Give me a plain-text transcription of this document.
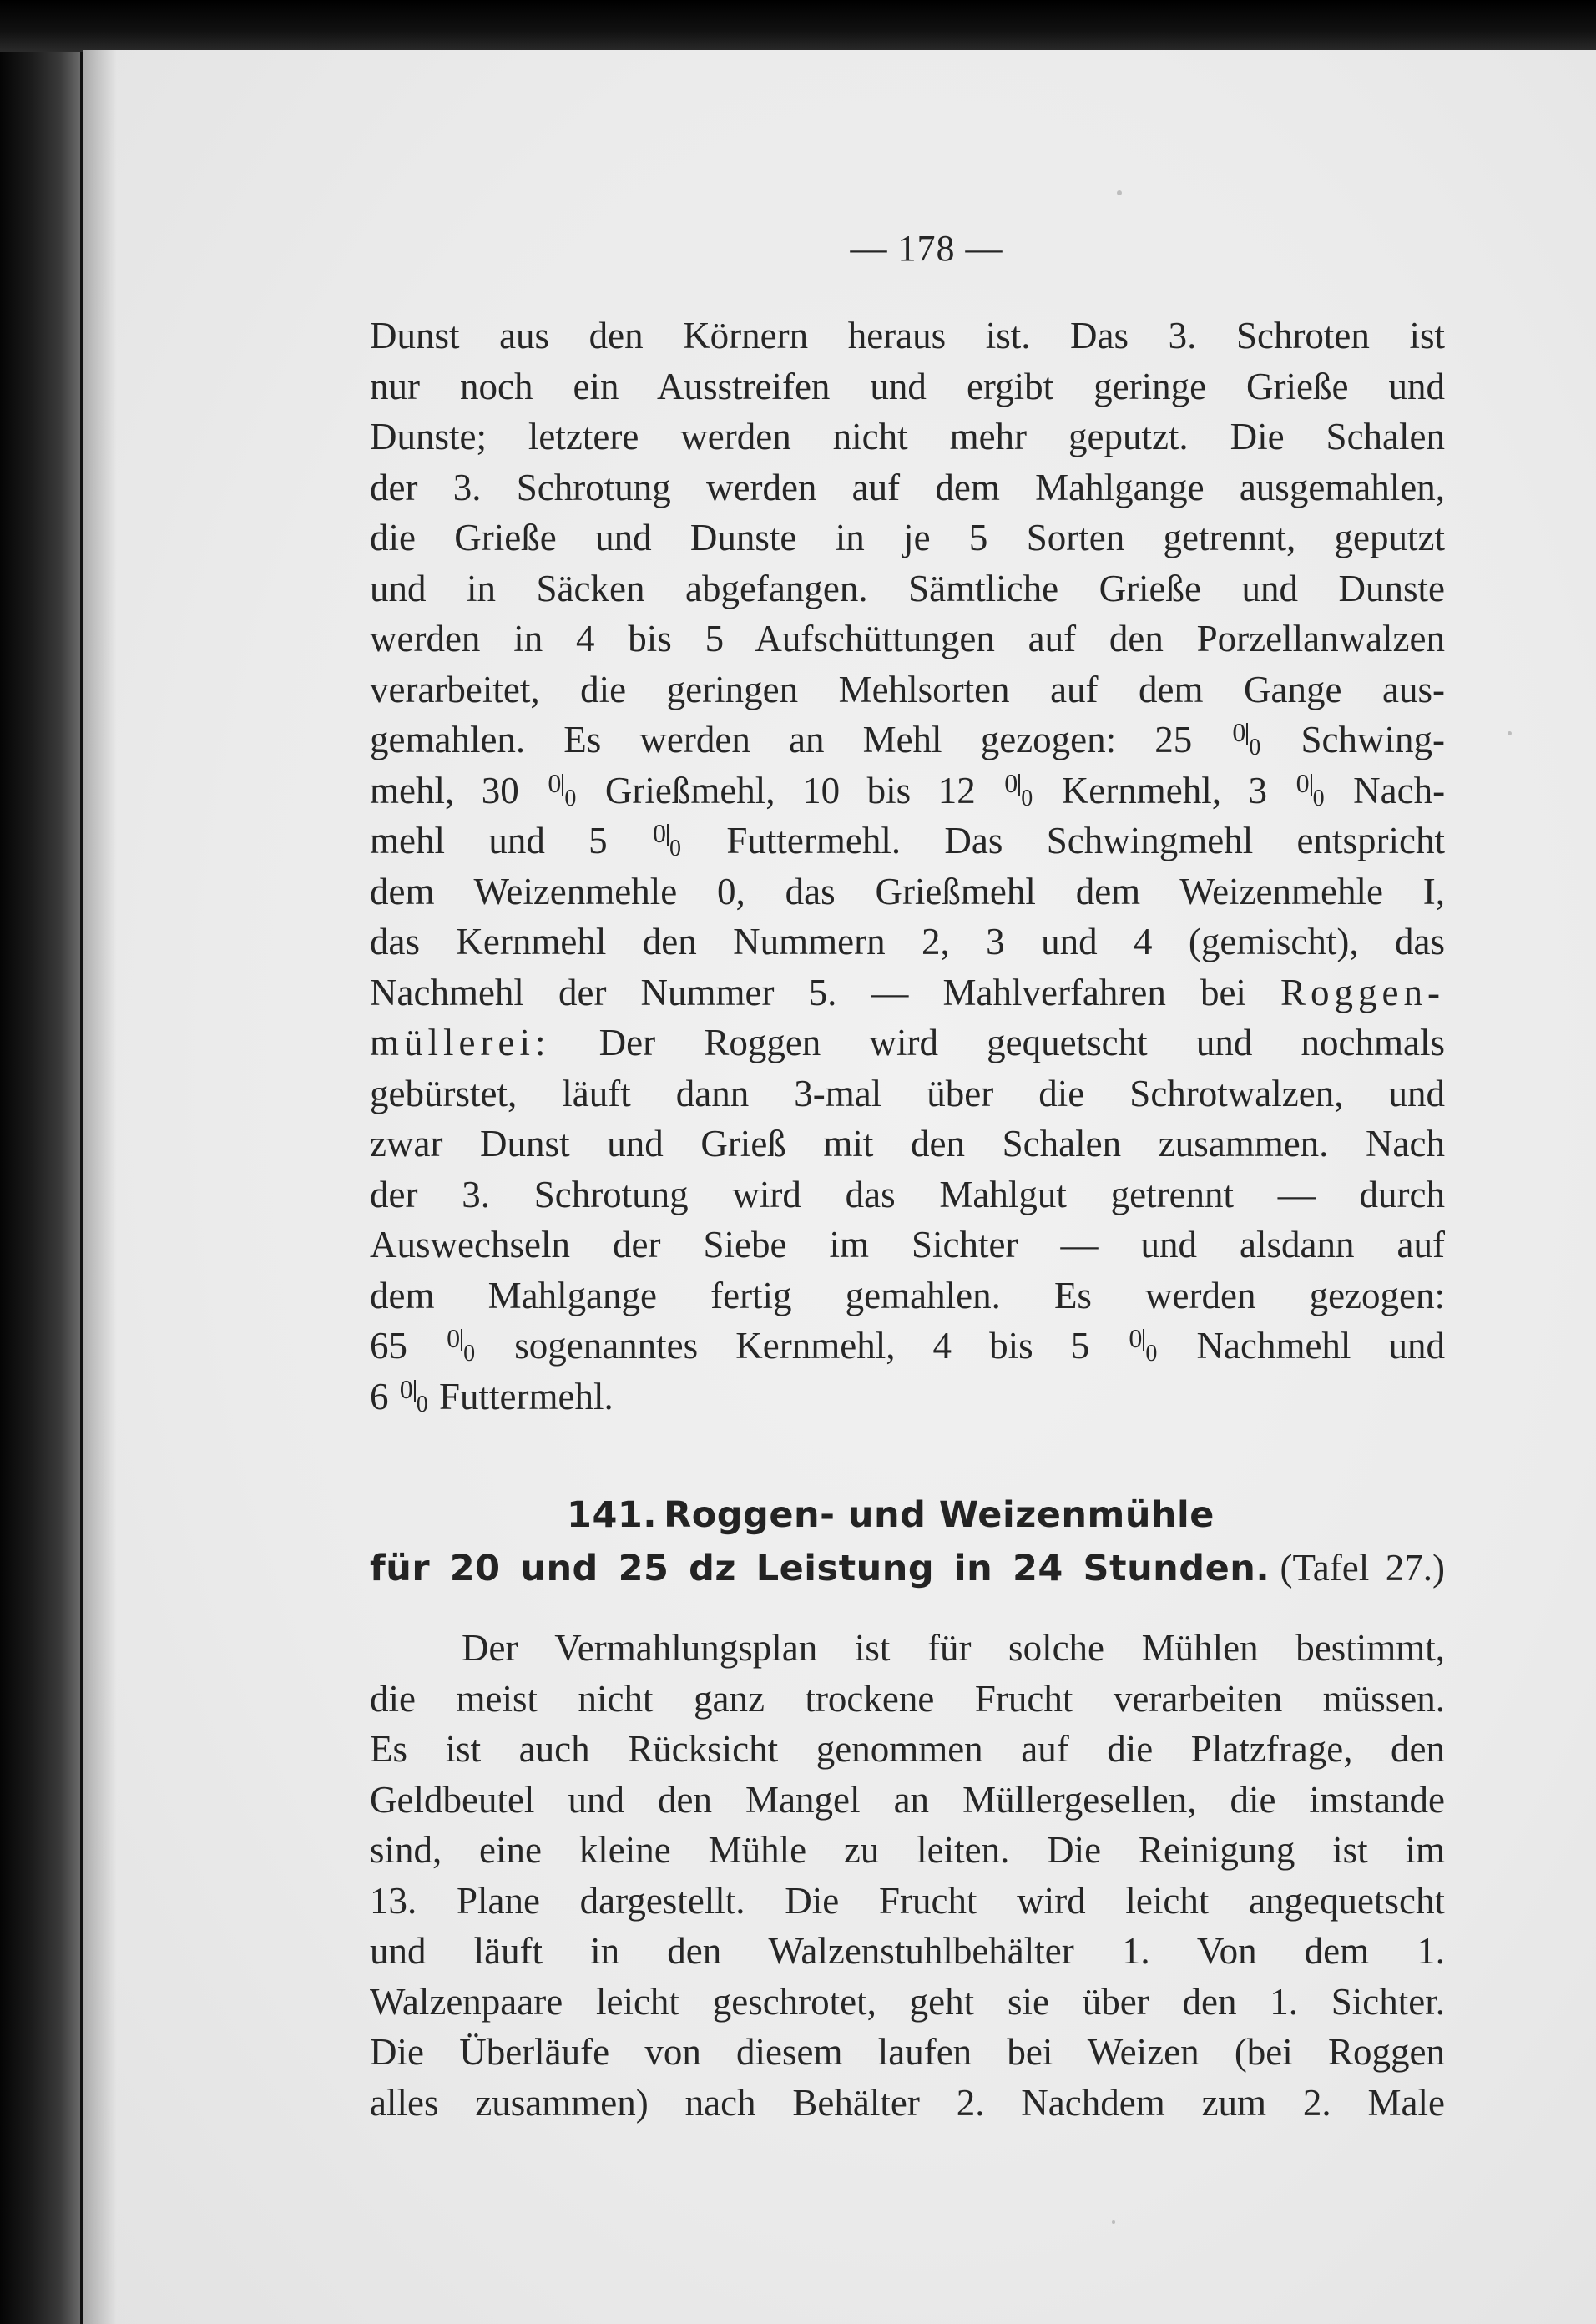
— 178 —
Dunst aus den Körnern heraus ist. Das 3. Schroten ist
nur noch ein Ausstreifen und ergibt geringe Grieße und
Dunste; letztere werden nicht mehr geputzt. Die Schalen
der 3. Schrotung werden auf dem Mahlgange ausgemahlen,
die Grieße und Dunste in je 5 Sorten getrennt, geputzt
und in Säcken abgefangen. Sämtliche Grieße und Dunste
werden in 4 bis 5 Aufschüttungen auf den Porzellanwalzen
verarbeitet, die geringen Mehlsorten auf dem Gange aus-
gemahlen. Es werden an Mehl gezogen: 25 00 Schwing-
mehl, 30 00 Grießmehl, 10 bis 12 00 Kernmehl, 3 00 Nach-
mehl und 5 00 Futtermehl. Das Schwingmehl entspricht
dem Weizenmehle 0, das Grießmehl dem Weizenmehle I,
das Kernmehl den Nummern 2, 3 und 4 (gemischt), das
Nachmehl der Nummer 5. — Mahlverfahren bei Roggen-
müllerei: Der Roggen wird gequetscht und nochmals
gebürstet, läuft dann 3-mal über die Schrotwalzen, und
zwar Dunst und Grieß mit den Schalen zusammen. Nach
der 3. Schrotung wird das Mahlgut getrennt — durch
Auswechseln der Siebe im Sichter — und alsdann auf
dem Mahlgange fertig gemahlen. Es werden gezogen:
65 00 sogenanntes Kernmehl, 4 bis 5 00 Nachmehl und
6 00 Futtermehl.
141. Roggen- und Weizenmühle
für 20 und 25 dz Leistung in 24 Stunden. (Tafel 27.)
Der Vermahlungsplan ist für solche Mühlen bestimmt,
die meist nicht ganz trockene Frucht verarbeiten müssen.
Es ist auch Rücksicht genommen auf die Platzfrage, den
Geldbeutel und den Mangel an Müllergesellen, die imstande
sind, eine kleine Mühle zu leiten. Die Reinigung ist im
13. Plane dargestellt. Die Frucht wird leicht angequetscht
und läuft in den Walzenstuhlbehälter 1. Von dem 1.
Walzenpaare leicht geschrotet, geht sie über den 1. Sichter.
Die Überläufe von diesem laufen bei Weizen (bei Roggen
alles zusammen) nach Behälter 2. Nachdem zum 2. Male
